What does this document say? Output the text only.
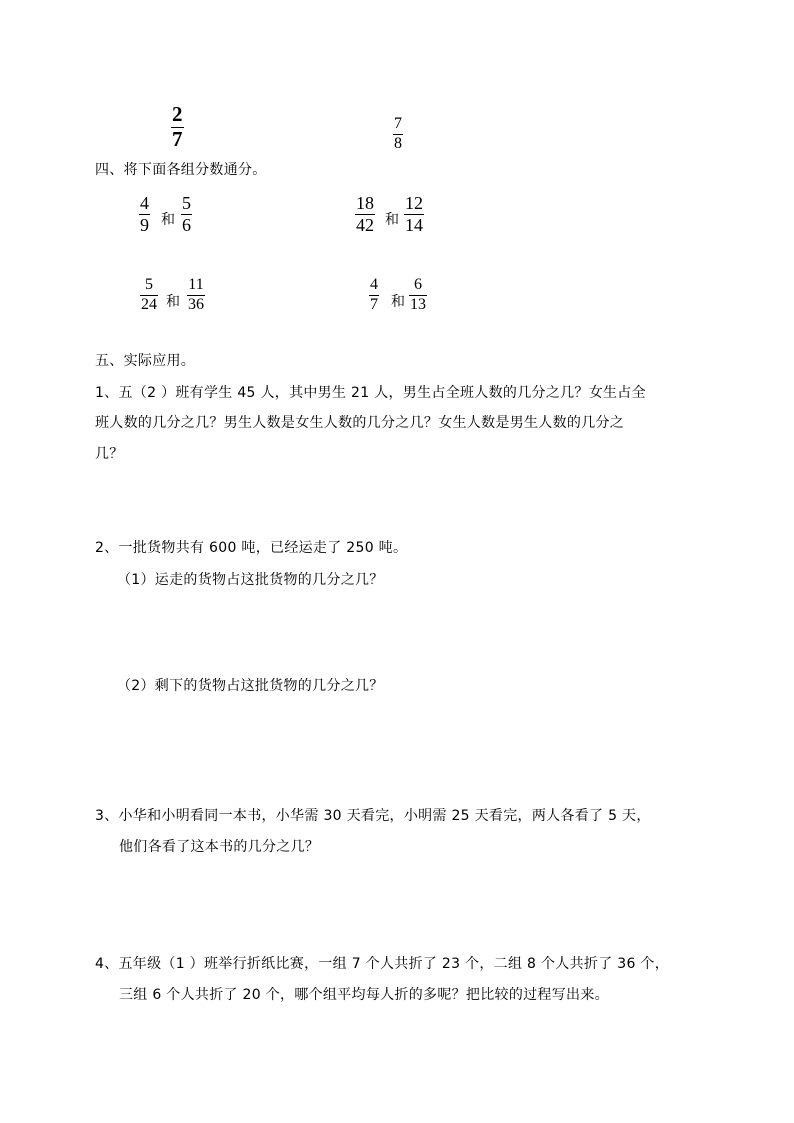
2
7
7
8
四、将下面各组分数通分。
4
9 和
5
6
18
42 和
12
14
5
24 和
11
36
4
7 和
6
13
五、实际应用。
1、五（2 ）班有学生 45 人，其中男生 21 人，男生占全班人数的几分之几？女生占全
班人数的几分之几？男生人数是女生人数的几分之几？女生人数是男生人数的几分之
几？
2、一批货物共有 600 吨，已经运走了 250 吨。
（1）运走的货物占这批货物的几分之几？
（2）剩下的货物占这批货物的几分之几？
3、小华和小明看同一本书，小华需 30 天看完，小明需 25 天看完，两人各看了 5 天，
他们各看了这本书的几分之几？
4、五年级（1 ）班举行折纸比赛，一组 7 个人共折了 23 个，二组 8 个人共折了 36 个，
三组 6 个人共折了 20 个，哪个组平均每人折的多呢？把比较的过程写出来。
